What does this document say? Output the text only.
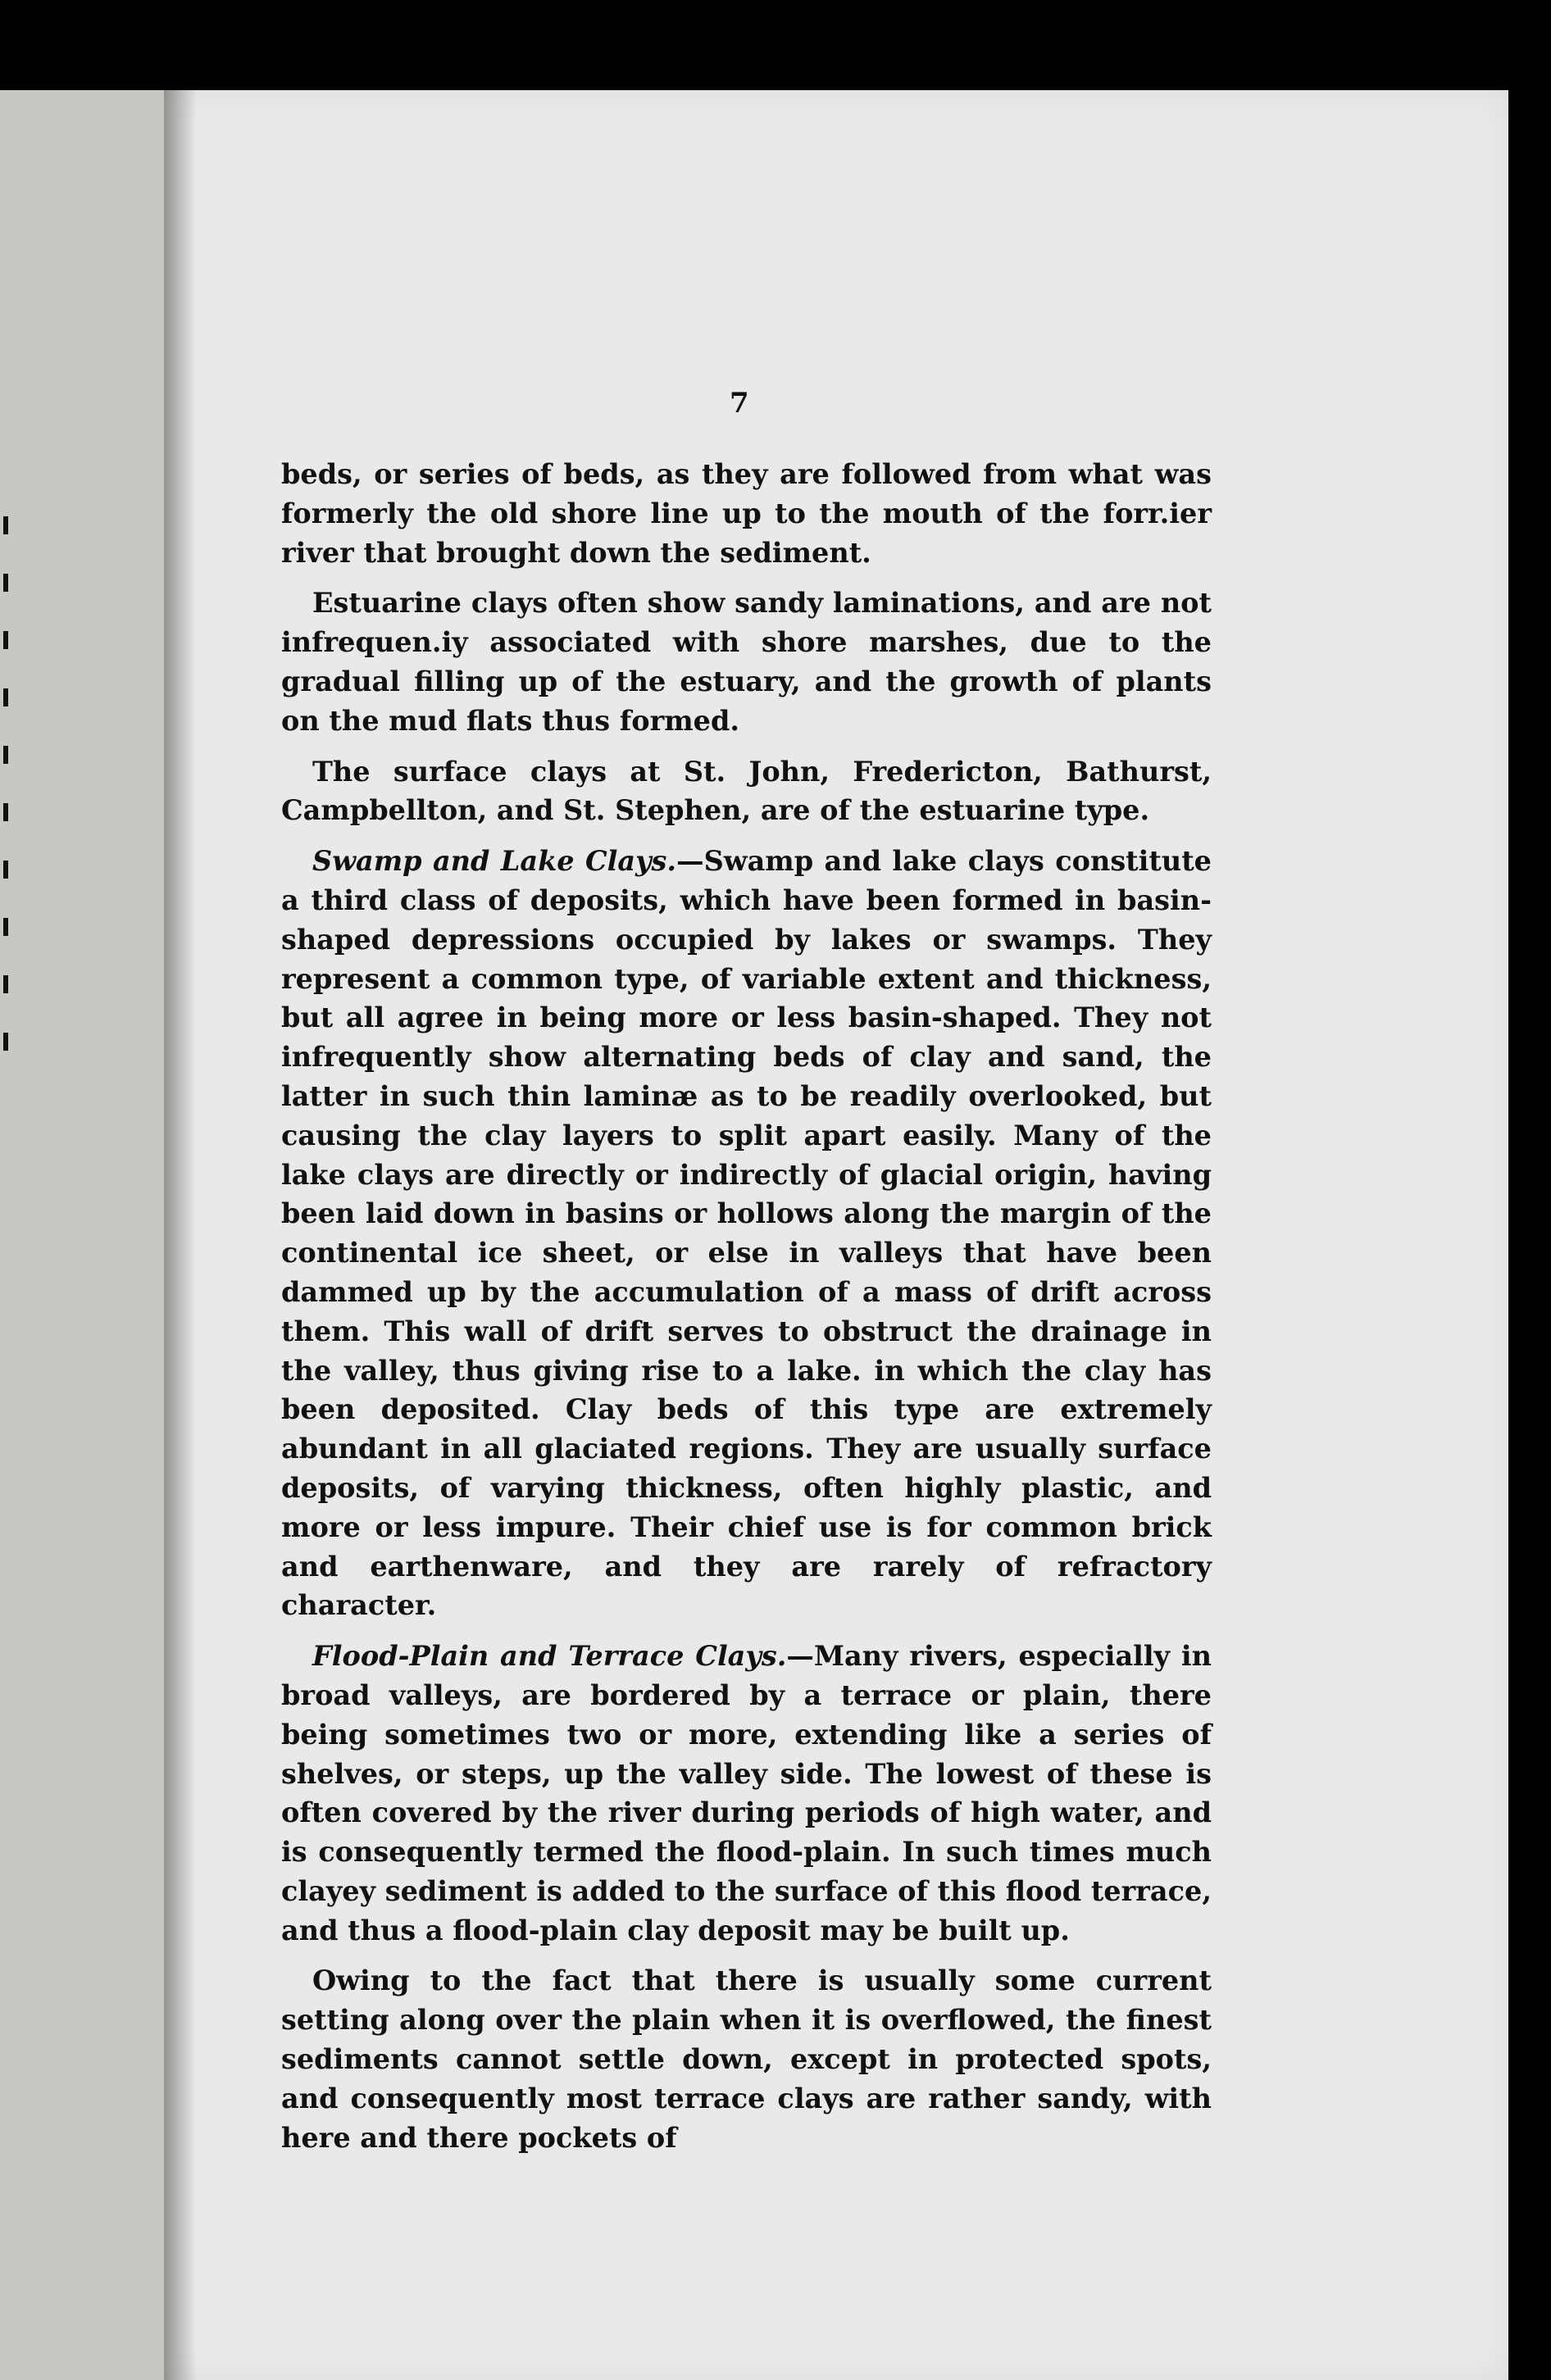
7

beds, or series of beds, as they are followed from what was formerly the old shore line up to the mouth of the forr.ier river that brought down the sediment.

Estuarine clays often show sandy laminations, and are not infrequen.iy associated with shore marshes, due to the gradual filling up of the estuary, and the growth of plants on the mud flats thus formed.

The surface clays at St. John, Fredericton, Bathurst, Campbellton, and St. Stephen, are of the estuarine type.

Swamp and Lake Clays.—Swamp and lake clays constitute a third class of deposits, which have been formed in basin-shaped depressions occupied by lakes or swamps. They represent a common type, of variable extent and thickness, but all agree in being more or less basin-shaped. They not infrequently show alternating beds of clay and sand, the latter in such thin laminæ as to be readily overlooked, but causing the clay layers to split apart easily. Many of the lake clays are directly or indirectly of glacial origin, having been laid down in basins or hollows along the margin of the continental ice sheet, or else in valleys that have been dammed up by the accumulation of a mass of drift across them. This wall of drift serves to obstruct the drainage in the valley, thus giving rise to a lake. in which the clay has been deposited. Clay beds of this type are extremely abundant in all glaciated regions. They are usually surface deposits, of varying thickness, often highly plastic, and more or less impure. Their chief use is for common brick and earthenware, and they are rarely of refractory character.

Flood-Plain and Terrace Clays.—Many rivers, especially in broad valleys, are bordered by a terrace or plain, there being sometimes two or more, extending like a series of shelves, or steps, up the valley side. The lowest of these is often covered by the river during periods of high water, and is consequently termed the flood-plain. In such times much clayey sediment is added to the surface of this flood terrace, and thus a flood-plain clay deposit may be built up.

Owing to the fact that there is usually some current setting along over the plain when it is overflowed, the finest sediments cannot settle down, except in protected spots, and consequently most terrace clays are rather sandy, with here and there pockets of
